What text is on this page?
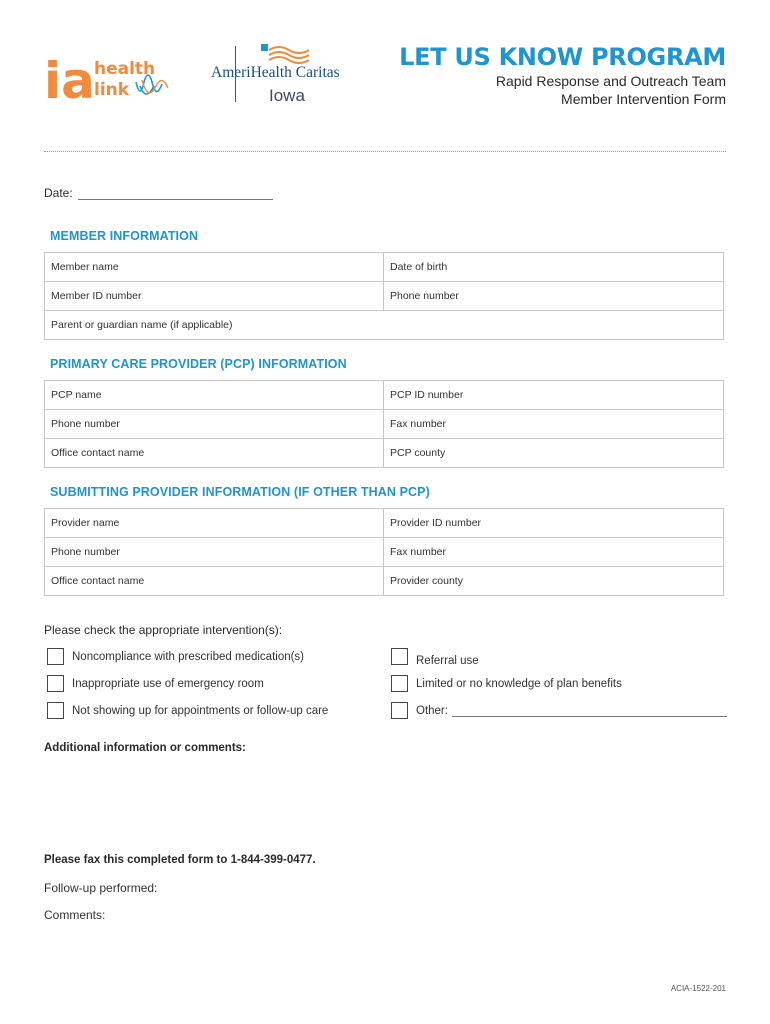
ia health
link
AmeriHealth Caritas
Iowa
LET US KNOW PROGRAM
Rapid Response and Outreach Team
Member Intervention Form
Date:
MEMBER INFORMATION
Member name	Date of birth
Member ID number	Phone number
Parent or guardian name (if applicable)	
PRIMARY CARE PROVIDER (PCP) INFORMATION
PCP name	PCP ID number
Phone number	Fax number
Office contact name	PCP county
SUBMITTING PROVIDER INFORMATION (IF OTHER THAN PCP)
Provider name	Provider ID number
Phone number	Fax number
Office contact name	Provider county
Please check the appropriate intervention(s):
Noncompliance with prescribed medication(s)
Inappropriate use of emergency room
Not showing up for appointments or follow-up care
Referral use
Limited or no knowledge of plan benefits
Other:
Additional information or comments:
Please fax this completed form to 1-844-399-0477.
Follow-up performed:
Comments:
ACIA-1522-201
